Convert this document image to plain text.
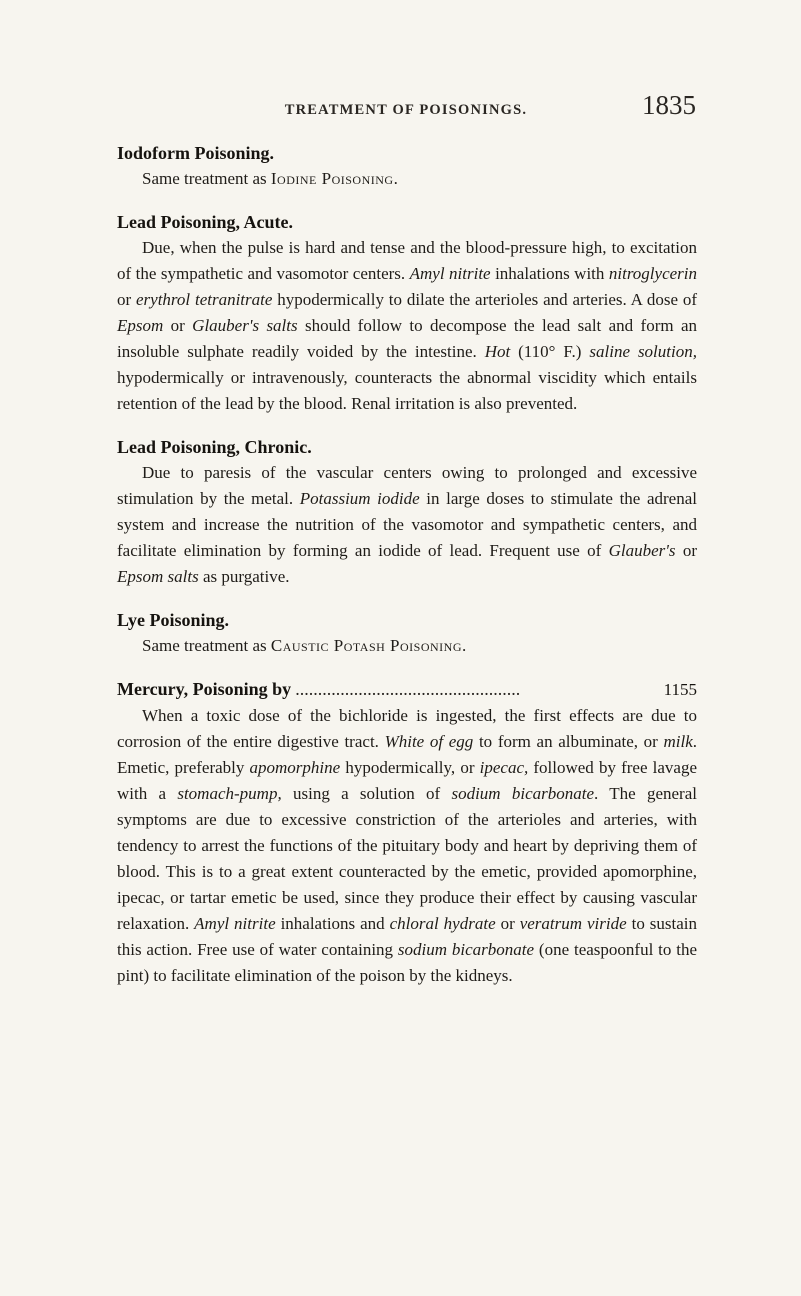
TREATMENT OF POISONINGS.	1835

Iodoform Poisoning.

Same treatment as Iodine Poisoning.

Lead Poisoning, Acute.

Due, when the pulse is hard and tense and the blood-pressure high, to excitation of the sympathetic and vasomotor centers. Amyl nitrite inhalations with nitroglycerin or erythrol tetranitrate hypodermically to dilate the arterioles and arteries. A dose of Epsom or Glauber's salts should follow to decompose the lead salt and form an insoluble sulphate readily voided by the intestine. Hot (110° F.) saline solution, hypodermically or intravenously, counteracts the abnormal viscidity which entails retention of the lead by the blood. Renal irritation is also prevented.

Lead Poisoning, Chronic.

Due to paresis of the vascular centers owing to prolonged and excessive stimulation by the metal. Potassium iodide in large doses to stimulate the adrenal system and increase the nutrition of the vasomotor and sympathetic centers, and facilitate elimination by forming an iodide of lead. Frequent use of Glauber's or Epsom salts as purgative.

Lye Poisoning.

Same treatment as Caustic Potash Poisoning.

Mercury, Poisoning by ..................................................	1155

When a toxic dose of the bichloride is ingested, the first effects are due to corrosion of the entire digestive tract. White of egg to form an albuminate, or milk. Emetic, preferably apomorphine hypodermically, or ipecac, followed by free lavage with a stomach-pump, using a solution of sodium bicarbonate. The general symptoms are due to excessive constriction of the arterioles and arteries, with tendency to arrest the functions of the pituitary body and heart by depriving them of blood. This is to a great extent counteracted by the emetic, provided apomorphine, ipecac, or tartar emetic be used, since they produce their effect by causing vascular relaxation. Amyl nitrite inhalations and chloral hydrate or veratrum viride to sustain this action. Free use of water containing sodium bicarbonate (one teaspoonful to the pint) to facilitate elimination of the poison by the kidneys.
